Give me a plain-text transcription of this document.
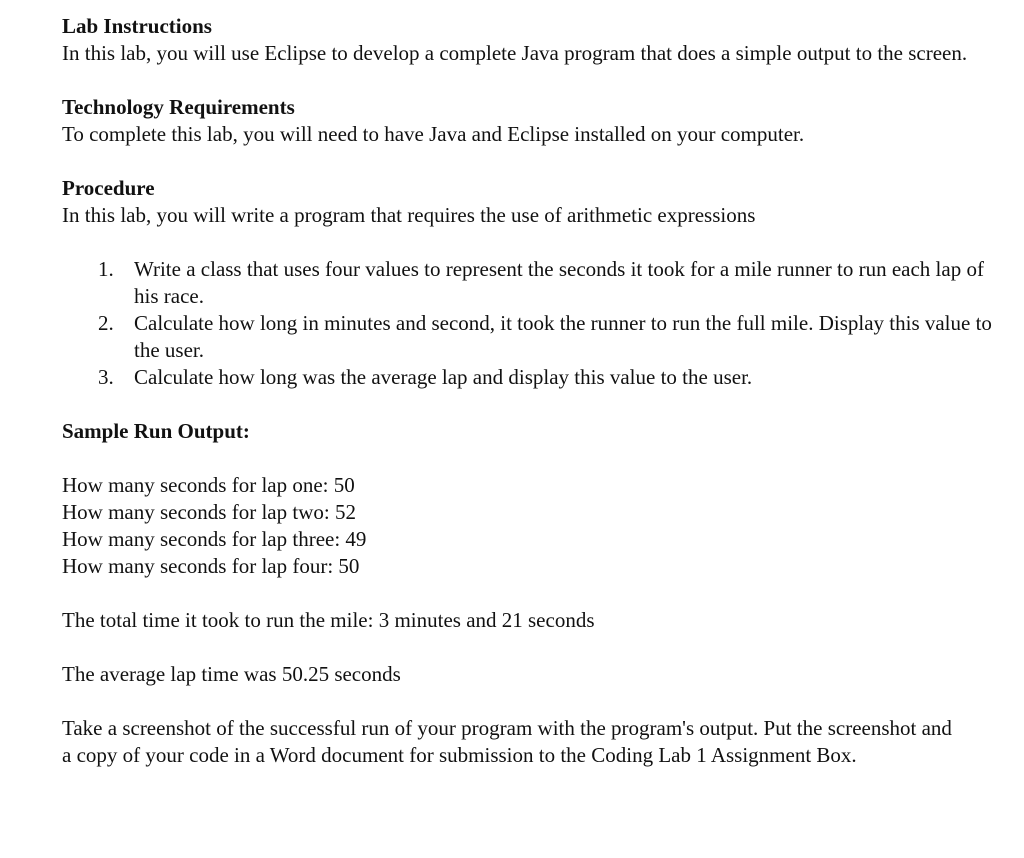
Lab Instructions

In this lab, you will use Eclipse to develop a complete Java program that does a simple output to the screen.

Technology Requirements

To complete this lab, you will need to have Java and Eclipse installed on your computer.

Procedure

In this lab, you will write a program that requires the use of arithmetic expressions

1. Write a class that uses four values to represent the seconds it took for a mile runner to run each lap of his race.
2. Calculate how long in minutes and second, it took the runner to run the full mile. Display this value to the user.
3. Calculate how long was the average lap and display this value to the user.

Sample Run Output:

How many seconds for lap one: 50
How many seconds for lap two: 52
How many seconds for lap three: 49
How many seconds for lap four: 50

The total time it took to run the mile: 3 minutes and 21 seconds

The average lap time was 50.25 seconds

Take a screenshot of the successful run of your program with the program's output. Put the screenshot and a copy of your code in a Word document for submission to the Coding Lab 1 Assignment Box.
